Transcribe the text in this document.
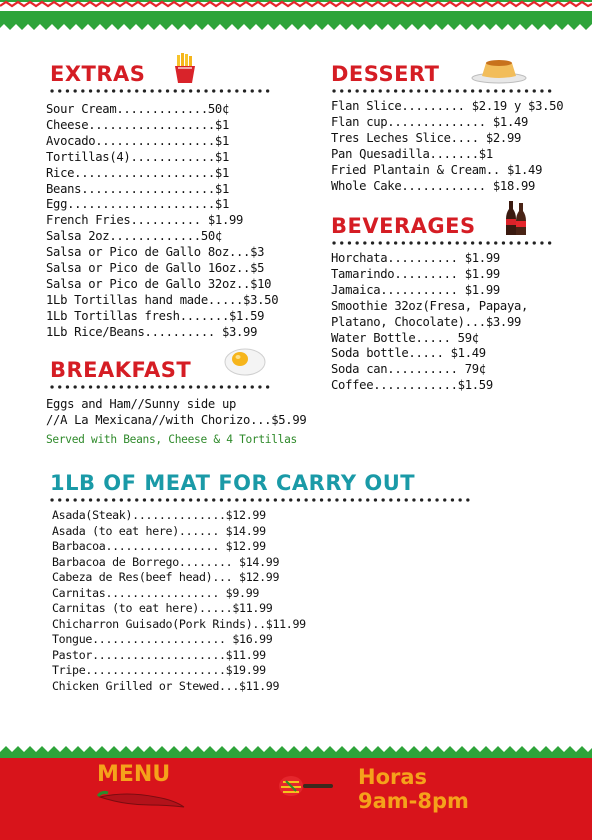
EXTRAS
Sour Cream.............50¢
Cheese..................$1
Avocado.................$1
Tortillas(4)............$1
Rice....................$1
Beans...................$1
Egg.....................$1
French Fries.......... $1.99
Salsa 2oz.............50¢
Salsa or Pico de Gallo 8oz...$3
Salsa or Pico de Gallo 16oz..$5
Salsa or Pico de Gallo 32oz..$10
1Lb Tortillas hand made.....$3.50
1Lb Tortillas fresh.......$1.59
1Lb Rice/Beans.......... $3.99
BREAKFAST
Eggs and Ham//Sunny side up
//A La Mexicana//with Chorizo...$5.99
Served with Beans, Cheese & 4 Tortillas
DESSERT
Flan Slice......... $2.19 y $3.50
Flan cup.............. $1.49
Tres Leches Slice.... $2.99
Pan Quesadilla.......$1
Fried Plantain & Cream.. $1.49
Whole Cake............ $18.99
BEVERAGES
Horchata.......... $1.99
Tamarindo......... $1.99
Jamaica........... $1.99
Smoothie 32oz(Fresa, Papaya,
Platano, Chocolate)...$3.99
Water Bottle..... 59¢
Soda bottle..... $1.49
Soda can.......... 79¢
Coffee............$1.59
1LB OF MEAT FOR CARRY OUT
Asada(Steak)..............$12.99
Asada (to eat here)...... $14.99
Barbacoa................. $12.99
Barbacoa de Borrego........ $14.99
Cabeza de Res(beef head)... $12.99
Carnitas................. $9.99
Carnitas (to eat here).....$11.99
Chicharron Guisado(Pork Rinds)..$11.99
Tongue.................... $16.99
Pastor....................$11.99
Tripe.....................$19.99
Chicken Grilled or Stewed...$11.99
MENU	Horas
9am-8pm
